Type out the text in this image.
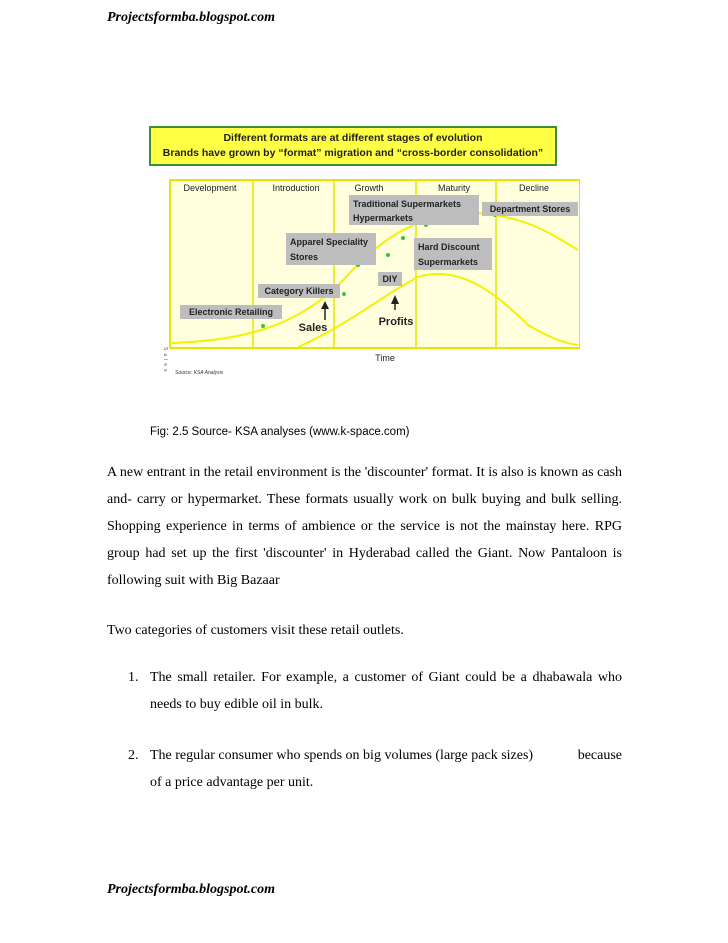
Projectsformba.blogspot.com
Different formats are at different stages of evolution
Brands have grown by “format” migration and “cross-border consolidation”
Development	Introduction	Growth	Maturity	Decline
Electronic Retailing
Category Killers
Apparel Speciality
Stores
DIY
Traditional Supermarkets
Hypermarkets
Hard Discount
Supermarkets
Department Stores
Sales	Profits
Time
Sales Source: KSA Analysis
Fig: 2.5 Source- KSA analyses (www.k-space.com)
A new entrant in the retail environment is the 'discounter' format. It is also is known as cash and- carry or hypermarket. These formats usually work on bulk buying and bulk selling. Shopping experience in terms of ambience or the service is not the mainstay here. RPG group had set up the first 'discounter' in Hyderabad called the Giant. Now Pantaloon is following suit with Big Bazaar
Two categories of customers visit these retail outlets.
1. The small retailer. For example, a customer of Giant could be a dhabawala who needs to buy edible oil in bulk.
2.	because
The regular consumer who spends on big volumes (large pack sizes)
of a price advantage per unit.
Projectsformba.blogspot.com
